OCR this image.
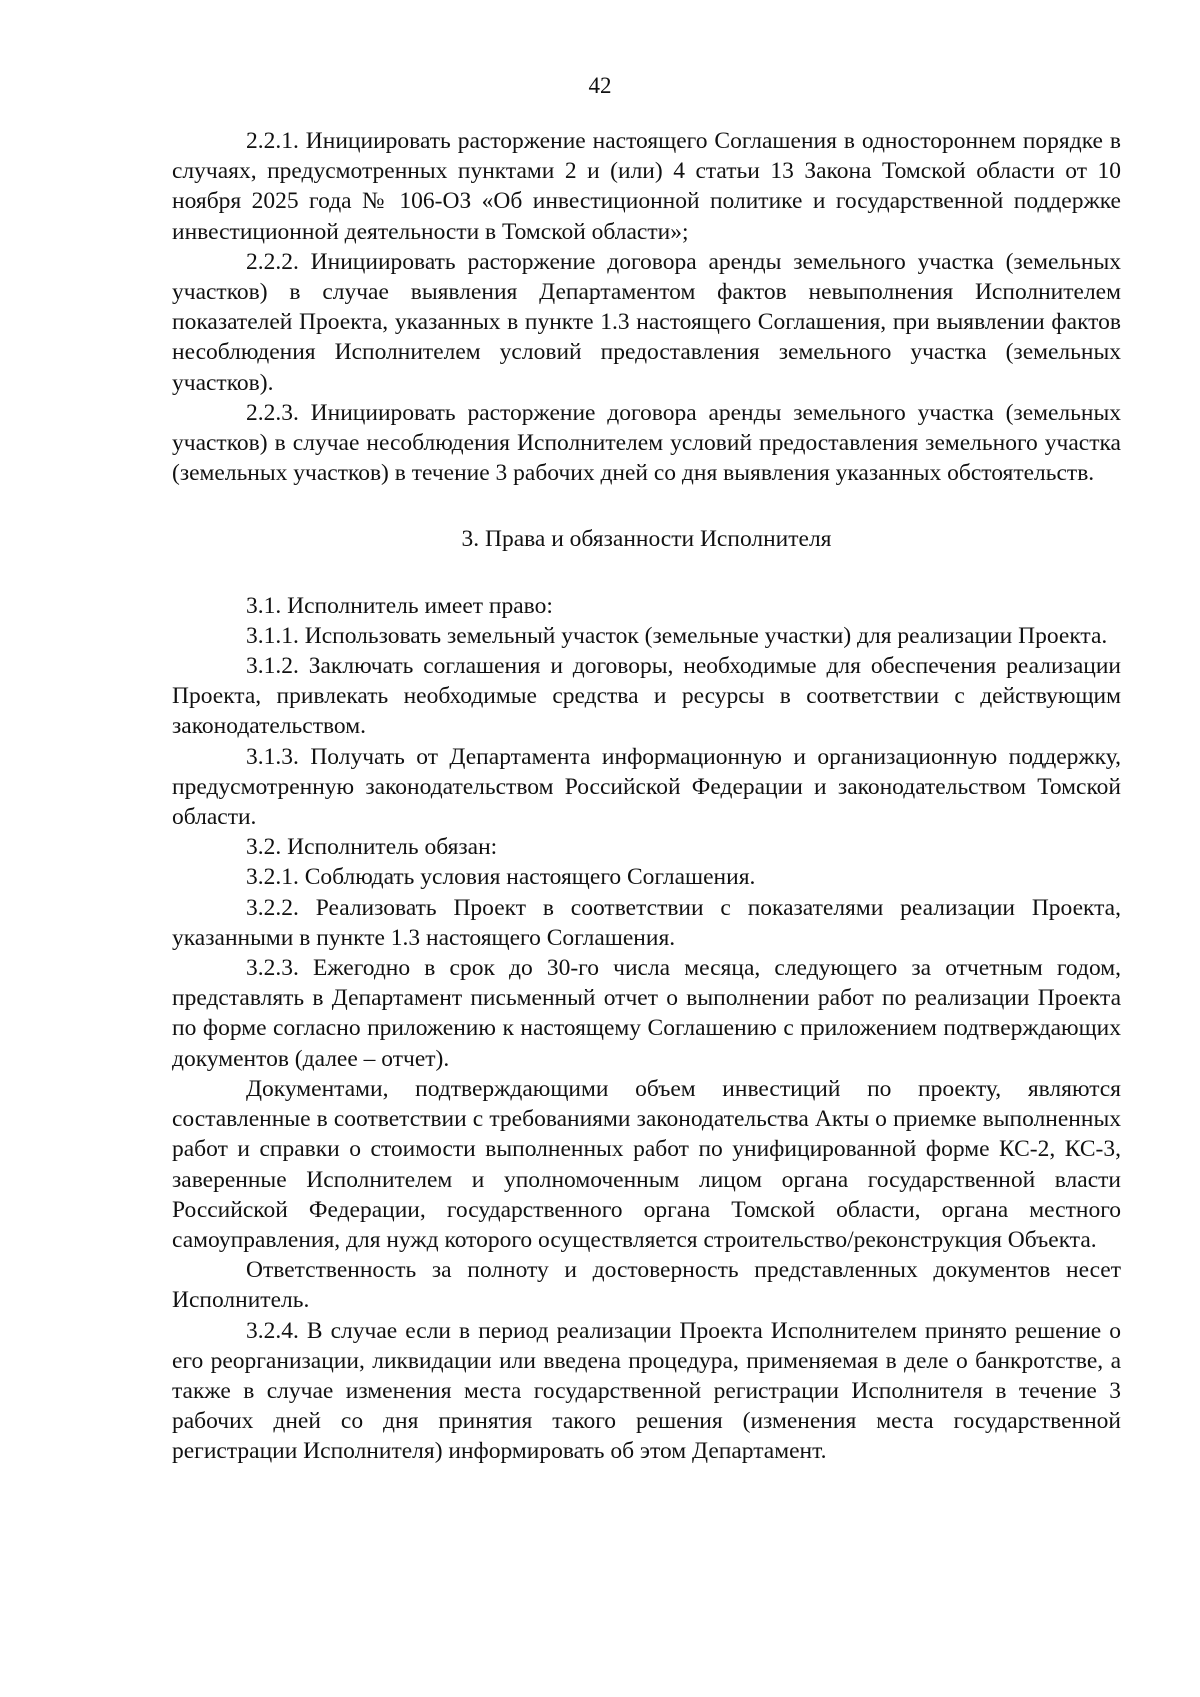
42

2.2.1. Инициировать расторжение настоящего Соглашения в одностороннем порядке в случаях, предусмотренных пунктами 2 и (или) 4 статьи 13 Закона Томской области от 10 ноября 2025 года № 106-ОЗ «Об инвестиционной политике и государственной поддержке инвестиционной деятельности в Томской области»;

2.2.2. Инициировать расторжение договора аренды земельного участка (земельных участков) в случае выявления Департаментом фактов невыполнения Исполнителем показателей Проекта, указанных в пункте 1.3 настоящего Соглашения, при выявлении фактов несоблюдения Исполнителем условий предоставления земельного участка (земельных участков).

2.2.3. Инициировать расторжение договора аренды земельного участка (земельных участков) в случае несоблюдения Исполнителем условий предоставления земельного участка (земельных участков) в течение 3 рабочих дней со дня выявления указанных обстоятельств.

3. Права и обязанности Исполнителя

3.1. Исполнитель имеет право:

3.1.1. Использовать земельный участок (земельные участки) для реализации Проекта.

3.1.2. Заключать соглашения и договоры, необходимые для обеспечения реализации Проекта, привлекать необходимые средства и ресурсы в соответствии с действующим законодательством.

3.1.3. Получать от Департамента информационную и организационную поддержку, предусмотренную законодательством Российской Федерации и законодательством Томской области.

3.2. Исполнитель обязан:

3.2.1. Соблюдать условия настоящего Соглашения.

3.2.2. Реализовать Проект в соответствии с показателями реализации Проекта, указанными в пункте 1.3 настоящего Соглашения.

3.2.3. Ежегодно в срок до 30-го числа месяца, следующего за отчетным годом, представлять в Департамент письменный отчет о выполнении работ по реализации Проекта по форме согласно приложению к настоящему Соглашению с приложением подтверждающих документов (далее – отчет).

Документами, подтверждающими объем инвестиций по проекту, являются составленные в соответствии с требованиями законодательства Акты о приемке выполненных работ и справки о стоимости выполненных работ по унифицированной форме КС-2, КС-3, заверенные Исполнителем и уполномоченным лицом органа государственной власти Российской Федерации, государственного органа Томской области, органа местного самоуправления, для нужд которого осуществляется строительство/реконструкция Объекта.

Ответственность за полноту и достоверность представленных документов несет Исполнитель.

3.2.4. В случае если в период реализации Проекта Исполнителем принято решение о его реорганизации, ликвидации или введена процедура, применяемая в деле о банкротстве, а также в случае изменения места государственной регистрации Исполнителя в течение 3 рабочих дней со дня принятия такого решения (изменения места государственной регистрации Исполнителя) информировать об этом Департамент.
